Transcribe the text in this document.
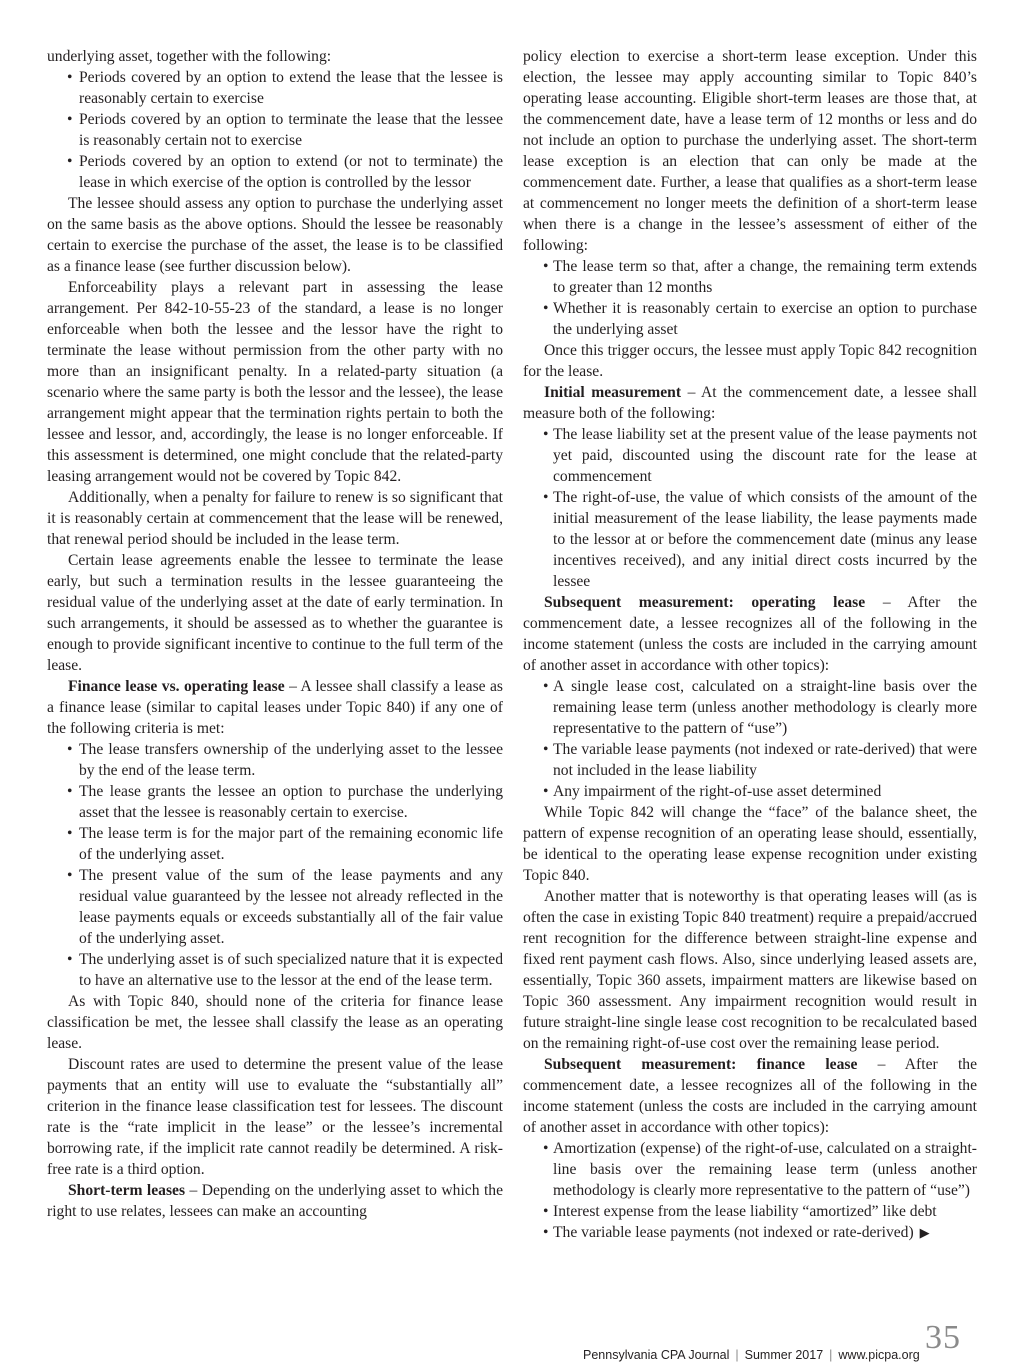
underlying asset, together with the following:

• Periods covered by an option to extend the lease that the lessee is reasonably certain to exercise
• Periods covered by an option to terminate the lease that the lessee is reasonably certain not to exercise
• Periods covered by an option to extend (or not to terminate) the lease in which exercise of the option is controlled by the lessor

The lessee should assess any option to purchase the underlying asset on the same basis as the above options. Should the lessee be reasonably certain to exercise the purchase of the asset, the lease is to be classified as a finance lease (see further discussion below).

Enforceability plays a relevant part in assessing the lease arrangement. Per 842-10-55-23 of the standard, a lease is no longer enforceable when both the lessee and the lessor have the right to terminate the lease without permission from the other party with no more than an insignificant penalty. In a related-party situation (a scenario where the same party is both the lessor and the lessee), the lease arrangement might appear that the termination rights pertain to both the lessee and lessor, and, accordingly, the lease is no longer enforceable. If this assessment is determined, one might conclude that the related-party leasing arrangement would not be covered by Topic 842.

Additionally, when a penalty for failure to renew is so significant that it is reasonably certain at commencement that the lease will be renewed, that renewal period should be included in the lease term.

Certain lease agreements enable the lessee to terminate the lease early, but such a termination results in the lessee guaranteeing the residual value of the underlying asset at the date of early termination. In such arrangements, it should be assessed as to whether the guarantee is enough to provide significant incentive to continue to the full term of the lease.

Finance lease vs. operating lease – A lessee shall classify a lease as a finance lease (similar to capital leases under Topic 840) if any one of the following criteria is met:

• The lease transfers ownership of the underlying asset to the lessee by the end of the lease term.
• The lease grants the lessee an option to purchase the underlying asset that the lessee is reasonably certain to exercise.
• The lease term is for the major part of the remaining economic life of the underlying asset.
• The present value of the sum of the lease payments and any residual value guaranteed by the lessee not already reflected in the lease payments equals or exceeds substantially all of the fair value of the underlying asset.
• The underlying asset is of such specialized nature that it is expected to have an alternative use to the lessor at the end of the lease term.

As with Topic 840, should none of the criteria for finance lease classification be met, the lessee shall classify the lease as an operating lease.

Discount rates are used to determine the present value of the lease payments that an entity will use to evaluate the “substantially all” criterion in the finance lease classification test for lessees. The discount rate is the “rate implicit in the lease” or the lessee’s incremental borrowing rate, if the implicit rate cannot readily be determined. A risk-free rate is a third option.

Short-term leases – Depending on the underlying asset to which the right to use relates, lessees can make an accounting

policy election to exercise a short-term lease exception. Under this election, the lessee may apply accounting similar to Topic 840’s operating lease accounting. Eligible short-term leases are those that, at the commencement date, have a lease term of 12 months or less and do not include an option to purchase the underlying asset. The short-term lease exception is an election that can only be made at the commencement date. Further, a lease that qualifies as a short-term lease at commencement no longer meets the definition of a short-term lease when there is a change in the lessee’s assessment of either of the following:

• The lease term so that, after a change, the remaining term extends to greater than 12 months
• Whether it is reasonably certain to exercise an option to purchase the underlying asset

Once this trigger occurs, the lessee must apply Topic 842 recognition for the lease.

Initial measurement – At the commencement date, a lessee shall measure both of the following:

• The lease liability set at the present value of the lease payments not yet paid, discounted using the discount rate for the lease at commencement
• The right-of-use, the value of which consists of the amount of the initial measurement of the lease liability, the lease payments made to the lessor at or before the commencement date (minus any lease incentives received), and any initial direct costs incurred by the lessee

Subsequent measurement: operating lease – After the commencement date, a lessee recognizes all of the following in the income statement (unless the costs are included in the carrying amount of another asset in accordance with other topics):

• A single lease cost, calculated on a straight-line basis over the remaining lease term (unless another methodology is clearly more representative to the pattern of “use”)
• The variable lease payments (not indexed or rate-derived) that were not included in the lease liability
• Any impairment of the right-of-use asset determined

While Topic 842 will change the “face” of the balance sheet, the pattern of expense recognition of an operating lease should, essentially, be identical to the operating lease expense recognition under existing Topic 840.

Another matter that is noteworthy is that operating leases will (as is often the case in existing Topic 840 treatment) require a prepaid/accrued rent recognition for the difference between straight-line expense and fixed rent payment cash flows. Also, since underlying leased assets are, essentially, Topic 360 assets, impairment matters are likewise based on Topic 360 assessment. Any impairment recognition would result in future straight-line single lease cost recognition to be recalculated based on the remaining right-of-use cost over the remaining lease period.

Subsequent measurement: finance lease – After the commencement date, a lessee recognizes all of the following in the income statement (unless the costs are included in the carrying amount of another asset in accordance with other topics):

• Amortization (expense) of the right-of-use, calculated on a straight-line basis over the remaining lease term (unless another methodology is clearly more representative to the pattern of “use”)
• Interest expense from the lease liability “amortized” like debt
• The variable lease payments (not indexed or rate-derived) ▶
Pennsylvania CPA Journal | Summer 2017 | www.picpa.org 35
